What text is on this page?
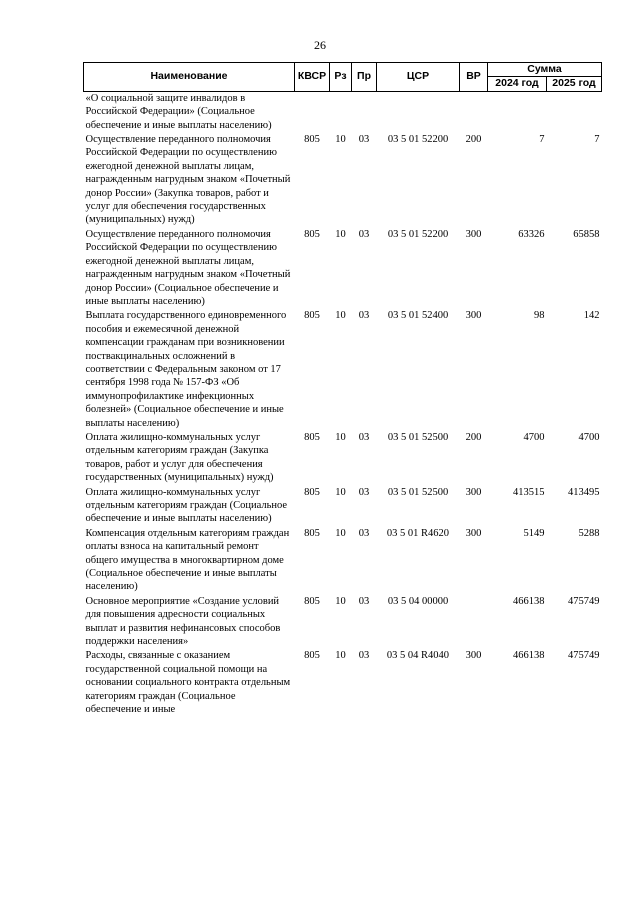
26
Наименование	КВСР	Рз	Пр	ЦСР	ВР	Сумма	
						2024 год	2025 год
«О социальной защите инвалидов в Российской Федерации» (Социальное обеспечение и иные выплаты населению)							
Осуществление переданного полномочия Российской Федерации по осуществлению ежегодной денежной выплаты лицам, награжденным нагрудным знаком «Почетный донор России» (Закупка товаров, работ и услуг для обеспечения государственных (муниципальных) нужд)	805	10	03	03 5 01 52200	200	7	7
Осуществление переданного полномочия Российской Федерации по осуществлению ежегодной денежной выплаты лицам, награжденным нагрудным знаком «Почетный донор России» (Социальное обеспечение и иные выплаты населению)	805	10	03	03 5 01 52200	300	63326	65858
Выплата государственного единовременного пособия и ежемесячной денежной компенсации гражданам при возникновении поствакцинальных осложнений в соответствии с Федеральным законом от 17 сентября 1998 года № 157-ФЗ «Об иммунопрофилактике инфекционных болезней» (Социальное обеспечение и иные выплаты населению)	805	10	03	03 5 01 52400	300	98	142
Оплата жилищно-коммунальных услуг отдельным категориям граждан (Закупка товаров, работ и услуг для обеспечения государственных (муниципальных) нужд)	805	10	03	03 5 01 52500	200	4700	4700
Оплата жилищно-коммунальных услуг отдельным категориям граждан (Социальное обеспечение и иные выплаты населению)	805	10	03	03 5 01 52500	300	413515	413495
Компенсация отдельным категориям граждан оплаты взноса на капитальный ремонт общего имущества в многоквартирном доме (Социальное обеспечение и иные выплаты населению)	805	10	03	03 5 01 R4620	300	5149	5288
Основное мероприятие «Создание условий для повышения адресности социальных выплат и развития нефинансовых способов поддержки населения»	805	10	03	03 5 04 00000		466138	475749
Расходы, связанные с оказанием государственной социальной помощи на основании социального контракта отдельным категориям граждан (Социальное обеспечение и иные	805	10	03	03 5 04 R4040	300	466138	475749
